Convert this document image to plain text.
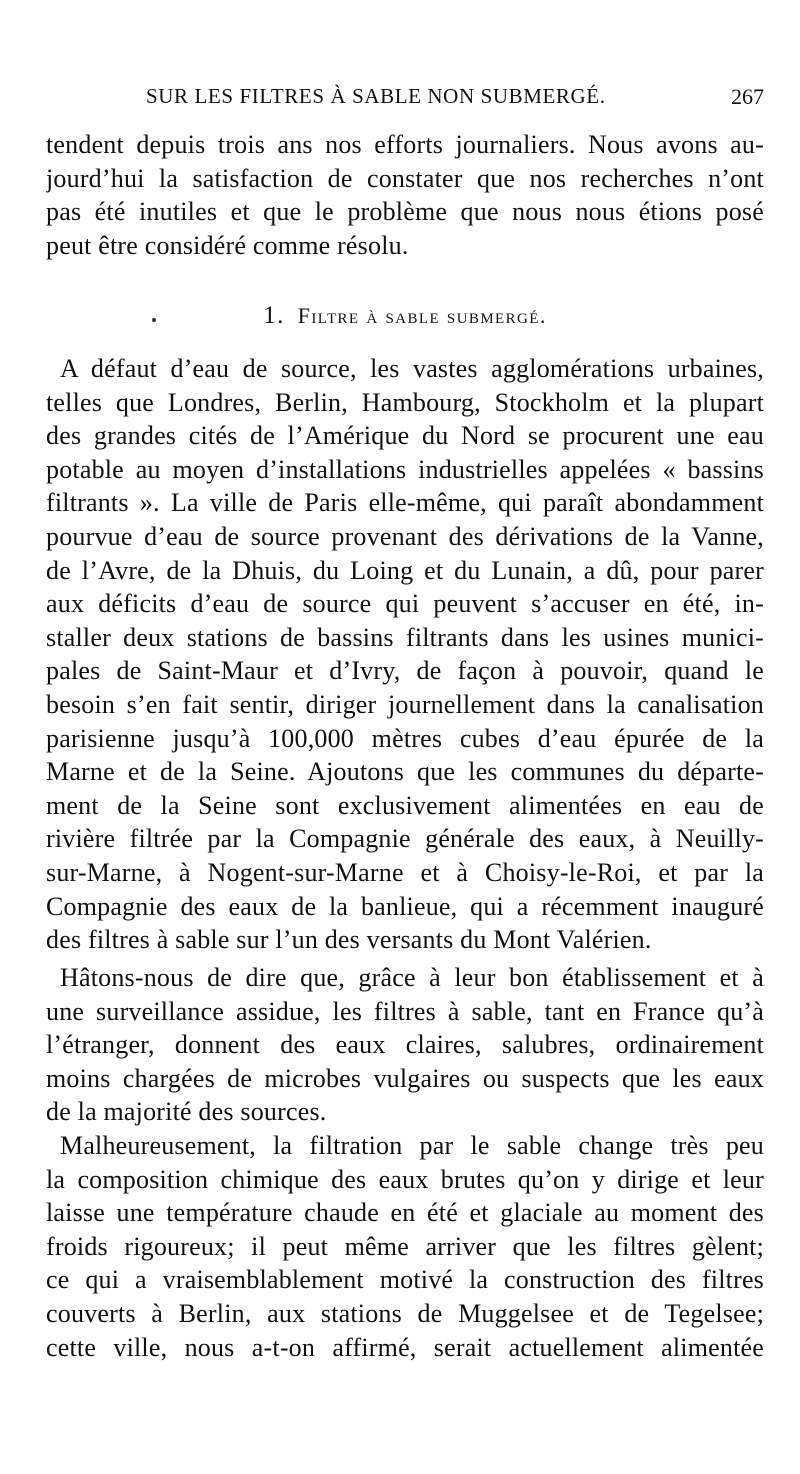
SUR LES FILTRES À SABLE NON SUBMERGÉ.	267
tendent depuis trois ans nos efforts journaliers. Nous avons au-
jourd’hui la satisfaction de constater que nos recherches n’ont
pas été inutiles et que le problème que nous nous étions posé
peut être considéré comme résolu.
1. Filtre à sable submergé.
A défaut d’eau de source, les vastes agglomérations urbaines,
telles que Londres, Berlin, Hambourg, Stockholm et la plupart
des grandes cités de l’Amérique du Nord se procurent une eau
potable au moyen d’installations industrielles appelées « bassins
filtrants ». La ville de Paris elle-même, qui paraît abondamment
pourvue d’eau de source provenant des dérivations de la Vanne,
de l’Avre, de la Dhuis, du Loing et du Lunain, a dû, pour parer
aux déficits d’eau de source qui peuvent s’accuser en été, in-
staller deux stations de bassins filtrants dans les usines munici-
pales de Saint-Maur et d’Ivry, de façon à pouvoir, quand le
besoin s’en fait sentir, diriger journellement dans la canalisation
parisienne jusqu’à 100,000 mètres cubes d’eau épurée de la
Marne et de la Seine. Ajoutons que les communes du départe-
ment de la Seine sont exclusivement alimentées en eau de
rivière filtrée par la Compagnie générale des eaux, à Neuilly-
sur-Marne, à Nogent-sur-Marne et à Choisy-le-Roi, et par la
Compagnie des eaux de la banlieue, qui a récemment inauguré
des filtres à sable sur l’un des versants du Mont Valérien.
Hâtons-nous de dire que, grâce à leur bon établissement et à
une surveillance assidue, les filtres à sable, tant en France qu’à
l’étranger, donnent des eaux claires, salubres, ordinairement
moins chargées de microbes vulgaires ou suspects que les eaux
de la majorité des sources.
Malheureusement, la filtration par le sable change très peu
la composition chimique des eaux brutes qu’on y dirige et leur
laisse une température chaude en été et glaciale au moment des
froids rigoureux; il peut même arriver que les filtres gèlent;
ce qui a vraisemblablement motivé la construction des filtres
couverts à Berlin, aux stations de Muggelsee et de Tegelsee;
cette ville, nous a-t-on affirmé, serait actuellement alimentée
